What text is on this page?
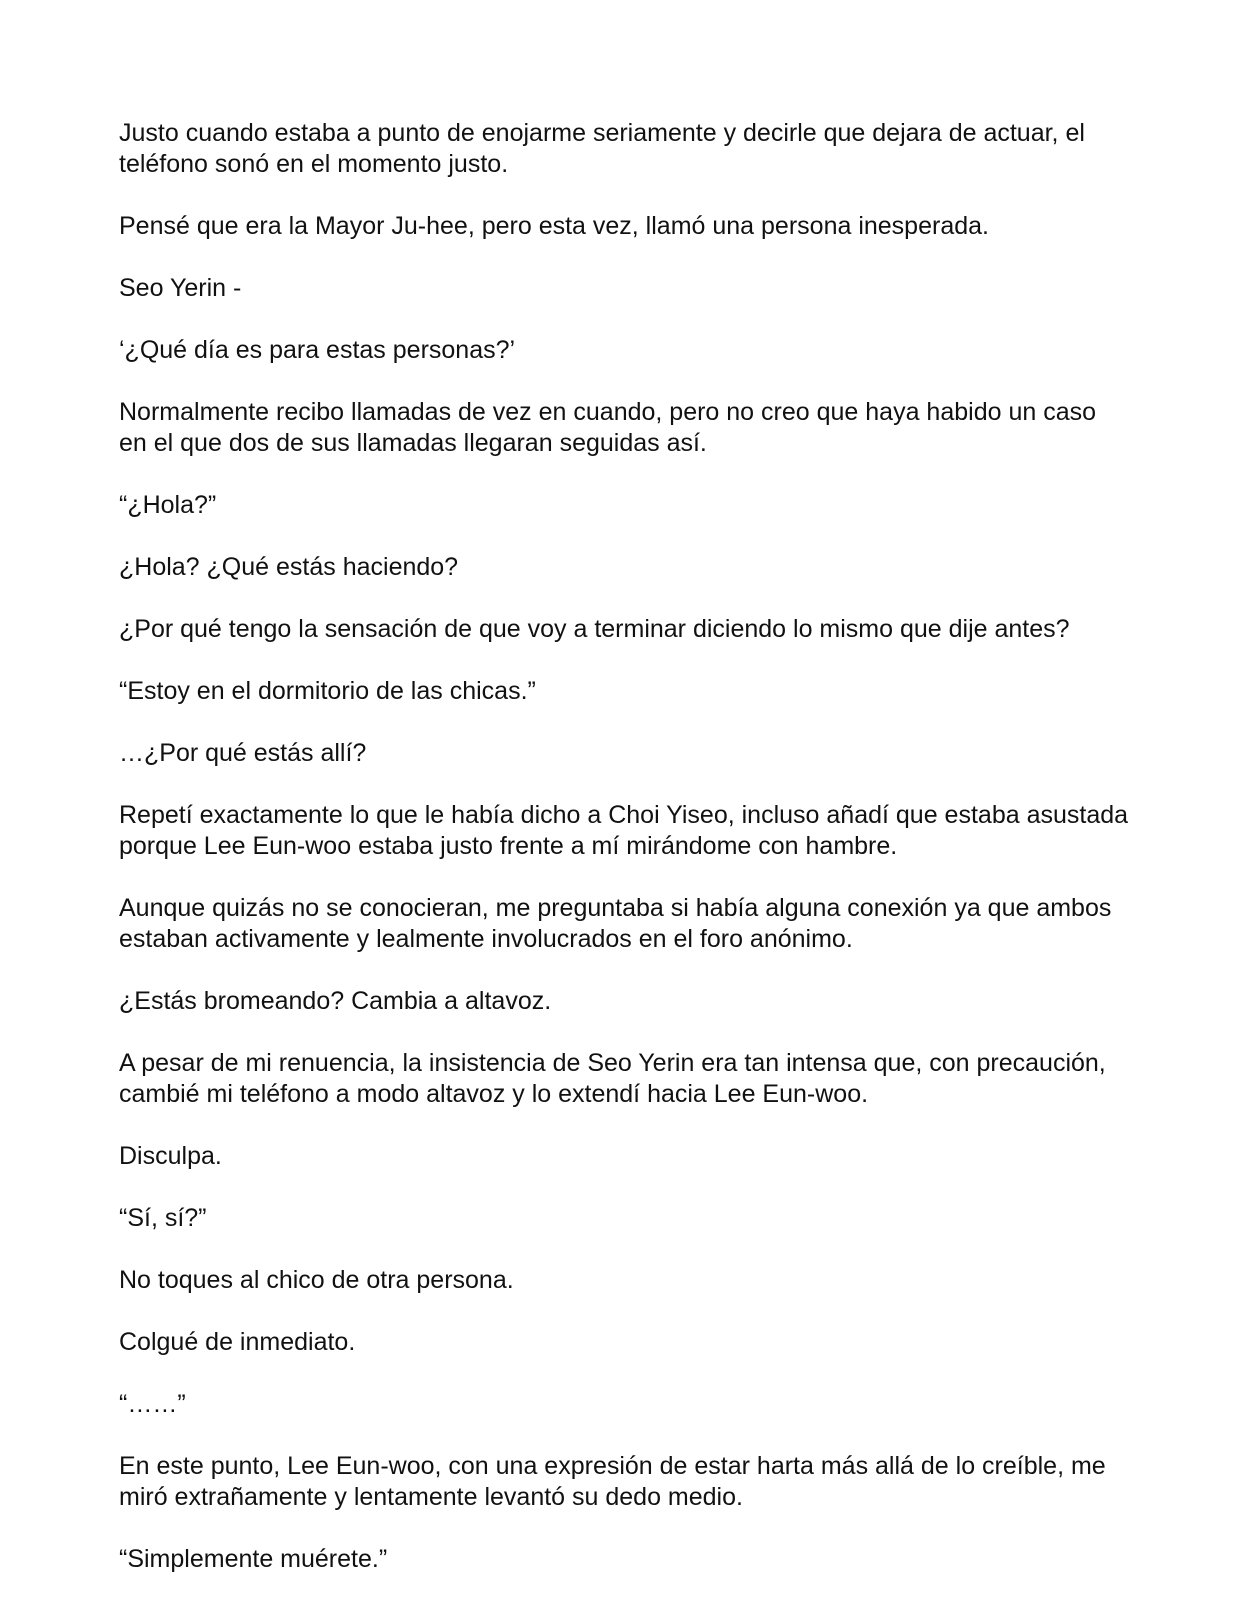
Justo cuando estaba a punto de enojarme seriamente y decirle que dejara de actuar, el teléfono sonó en el momento justo.

Pensé que era la Mayor Ju-hee, pero esta vez, llamó una persona inesperada.

Seo Yerin -

‘¿Qué día es para estas personas?’

Normalmente recibo llamadas de vez en cuando, pero no creo que haya habido un caso en el que dos de sus llamadas llegaran seguidas así.

“¿Hola?”

¿Hola? ¿Qué estás haciendo?

¿Por qué tengo la sensación de que voy a terminar diciendo lo mismo que dije antes?

“Estoy en el dormitorio de las chicas.”

…¿Por qué estás allí?

Repetí exactamente lo que le había dicho a Choi Yiseo, incluso añadí que estaba asustada porque Lee Eun-woo estaba justo frente a mí mirándome con hambre.

Aunque quizás no se conocieran, me preguntaba si había alguna conexión ya que ambos estaban activamente y lealmente involucrados en el foro anónimo.

¿Estás bromeando? Cambia a altavoz.

A pesar de mi renuencia, la insistencia de Seo Yerin era tan intensa que, con precaución, cambié mi teléfono a modo altavoz y lo extendí hacia Lee Eun-woo.

Disculpa.

“Sí, sí?”

No toques al chico de otra persona.

Colgué de inmediato.

“……”

En este punto, Lee Eun-woo, con una expresión de estar harta más allá de lo creíble, me miró extrañamente y lentamente levantó su dedo medio.

“Simplemente muérete.”
